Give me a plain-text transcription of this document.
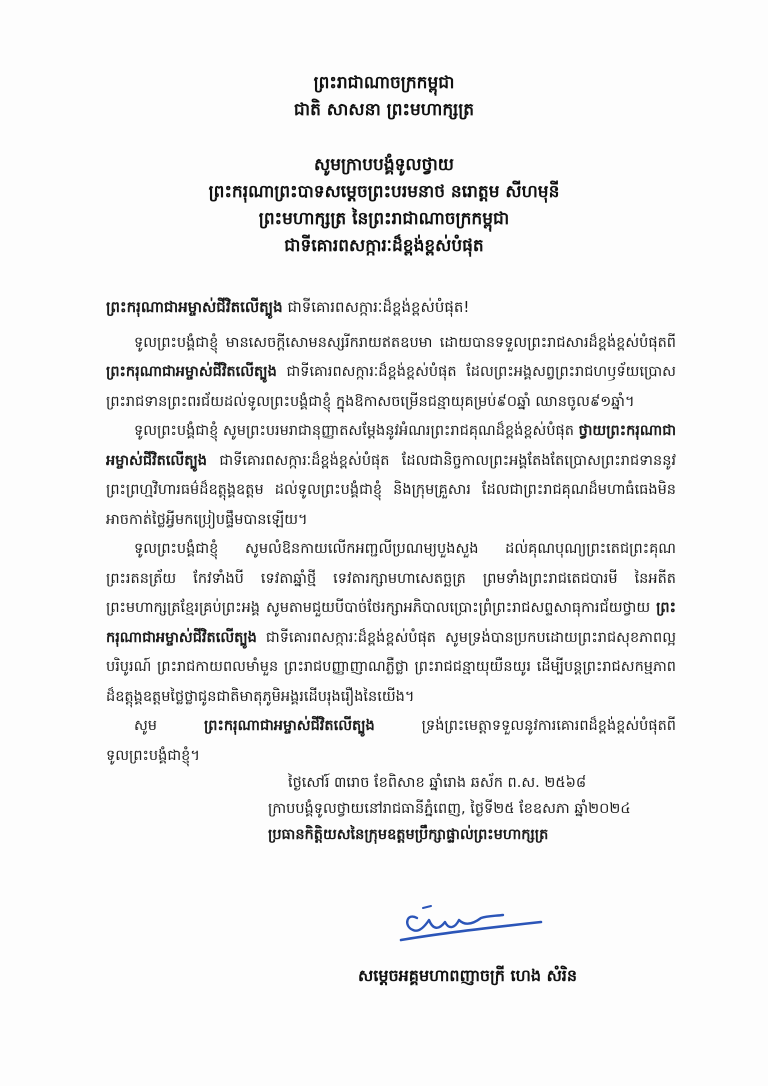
ព្រះរាជាណាចក្រកម្ពុជា
ជាតិ សាសនា ព្រះមហាក្សត្រ
សូមក្រាបបង្គំទូលថ្វាយ
ព្រះករុណាព្រះបាទសម្តេចព្រះបរមនាថ នរោត្តម សីហមុនី
ព្រះមហាក្សត្រ នៃព្រះរាជាណាចក្រកម្ពុជា
ជាទីគោរពសក្ការៈដ៏ខ្ពង់ខ្ពស់បំផុត
ព្រះករុណាជាអម្ចាស់ជីវិតលើត្បូង ជាទីគោរពសក្ការៈដ៏ខ្ពង់ខ្ពស់បំផុត!

ទូលព្រះបង្គំជាខ្ញុំ មានសេចក្តីសោមនស្សរីករាយឥតឧបមា ដោយបានទទួលព្រះរាជសារដ៏ខ្ពង់ខ្ពស់បំផុតពី ព្រះករុណាជាអម្ចាស់ជីវិតលើត្បូង ជាទីគោរពសក្ការៈដ៏ខ្ពង់ខ្ពស់បំផុត ដែលព្រះអង្គសព្វព្រះរាជហឫទ័យប្រោសព្រះរាជទានព្រះពរជ័យដល់ទូលព្រះបង្គំជាខ្ញុំ ក្នុងឱកាសចម្រើនជន្មាយុគម្រប់៩០ឆ្នាំ ឈានចូល៩១ឆ្នាំ។

ទូលព្រះបង្គំជាខ្ញុំ សូមព្រះបរមរាជានុញ្ញាតសម្តែងនូវអំណរព្រះរាជគុណដ៏ខ្ពង់ខ្ពស់បំផុត ថ្វាយព្រះករុណាជាអម្ចាស់ជីវិតលើត្បូង ជាទីគោរពសក្ការៈដ៏ខ្ពង់ខ្ពស់បំផុត ដែលជានិច្ចកាលព្រះអង្គតែងតែប្រោសព្រះរាជទាននូវព្រះព្រហ្មវិហារធម៌ដ៏ឧត្តុង្គឧត្តម ដល់ទូលព្រះបង្គំជាខ្ញុំ និងក្រុមគ្រួសារ ដែលជាព្រះរាជគុណដ៏មហាធំធេងមិនអាចកាត់ថ្លៃអ្វីមកប្រៀបផ្ទឹមបានឡើយ។

ទូលព្រះបង្គំជាខ្ញុំ សូមលំឱនកាយលើកអញ្ជលីប្រណម្យបួងសួង ដល់គុណបុណ្យព្រះតេជព្រះគុណ ព្រះរតនត្រ័យ កែវទាំងបី ទេវតាឆ្នាំថ្មី ទេវតារក្សាមហាសេតច្ឆត្រ ព្រមទាំងព្រះរាជតេជបារមី នៃអតីតព្រះមហាក្សត្រខ្មែរគ្រប់ព្រះអង្គ សូមតាមជួយបីបាច់ថែរក្សាអភិបាលប្រោះព្រំព្រះរាជសព្ទសាធុការជ័យថ្វាយ ព្រះករុណាជាអម្ចាស់ជីវិតលើត្បូង ជាទីគោរពសក្ការៈដ៏ខ្ពង់ខ្ពស់បំផុត សូមទ្រង់បានប្រកបដោយព្រះរាជសុខភាពល្អបរិបូរណ៍ ព្រះរាជកាយពលមាំមួន ព្រះរាជបញ្ញាញាណភ្លឺថ្លា ព្រះរាជជន្មាយុយឺនយូរ ដើម្បីបន្តព្រះរាជសកម្មភាពដ៏ឧត្តុង្គឧត្តមថ្លៃថ្លាជូនជាតិមាតុភូមិអង្គរដើបរុងរឿងនៃយើង។

សូម ព្រះករុណាជាអម្ចាស់ជីវិតលើត្បូង ទ្រង់ព្រះមេត្តាទទួលនូវការគោរពដ៏ខ្ពង់ខ្ពស់បំផុតពីទូលព្រះបង្គំជាខ្ញុំ។

ថ្ងៃសៅរ៍ ៣រោច ខែពិសាខ ឆ្នាំរោង ឆស័ក ព.ស. ២៥៦៨
ក្រាបបង្គំទូលថ្វាយនៅរាជធានីភ្នំពេញ, ថ្ងៃទី២៥ ខែឧសភា ឆ្នាំ២០២៤
ប្រធានកិត្តិយសនៃក្រុមឧត្តមប្រឹក្សាផ្ទាល់ព្រះមហាក្សត្រ
សម្តេចអគ្គមហាពញាចក្រី ហេង សំរិន
